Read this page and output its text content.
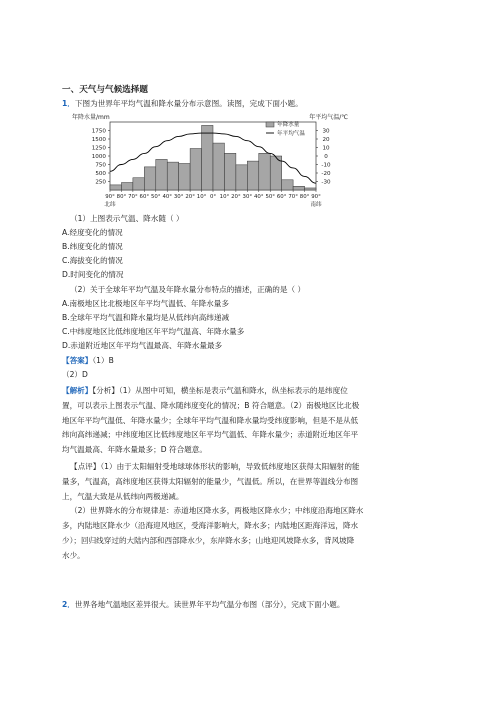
一、天气与气候选择题
1．下图为世界年平均气温和降水量分布示意图。读图，完成下面小题。
年降水量/mm	年平均气温/℃
250
500
750
1000
1250
1500
1750	30
20
10
0
-10
-20
-30
90° 80° 70° 60° 50° 40° 30° 20° 10° 0° 10° 20° 30° 40° 50° 60° 70° 80° 90°
北纬	南纬
年降水量
年平均气温
（1）上图表示气温、降水随（ ）
A.经度变化的情况
B.纬度变化的情况
C.海拔变化的情况
D.时间变化的情况
（2）关于全球年平均气温及年降水量分布特点的描述，正确的是（ ）
A.南极地区比北极地区年平均气温低、年降水量多
B.全球年平均气温和降水量均是从低纬向高纬递减
C.中纬度地区比低纬度地区年平均气温高、年降水量多
D.赤道附近地区年平均气温最高、年降水量最多
【答案】（1）B
（2）D
【解析】【分析】（1）从图中可知，横坐标是表示气温和降水，纵坐标表示的是纬度位
置，可以表示上图表示气温、降水随纬度变化的情况；B 符合题意。（2）南极地区比北极
地区年平均气温低、年降水量少；全球年平均气温和降水量均受纬度影响，但是不是从低
纬向高纬递减；中纬度地区比低纬度地区年平均气温低、年降水量少；赤道附近地区年平
均气温最高、年降水量最多；D 符合题意。
【点评】（1）由于太阳辐射受地球球体形状的影响，导致低纬度地区获得太阳辐射的能
量多，气温高，高纬度地区获得太阳辐射的能量少，气温低。所以，在世界等温线分布图
上，气温大致是从低纬向两极递减。
（2）世界降水的分布规律是：赤道地区降水多，两极地区降水少；中纬度沿海地区降水
多，内陆地区降水少（沿海迎风地区，受海洋影响大，降水多；内陆地区距海洋远，降水
少）；回归线穿过的大陆内部和西部降水少，东岸降水多；山地迎风坡降水多，背风坡降
水少。
2．世界各地气温地区差异很大。读世界年平均气温分布图（部分），完成下面小题。
